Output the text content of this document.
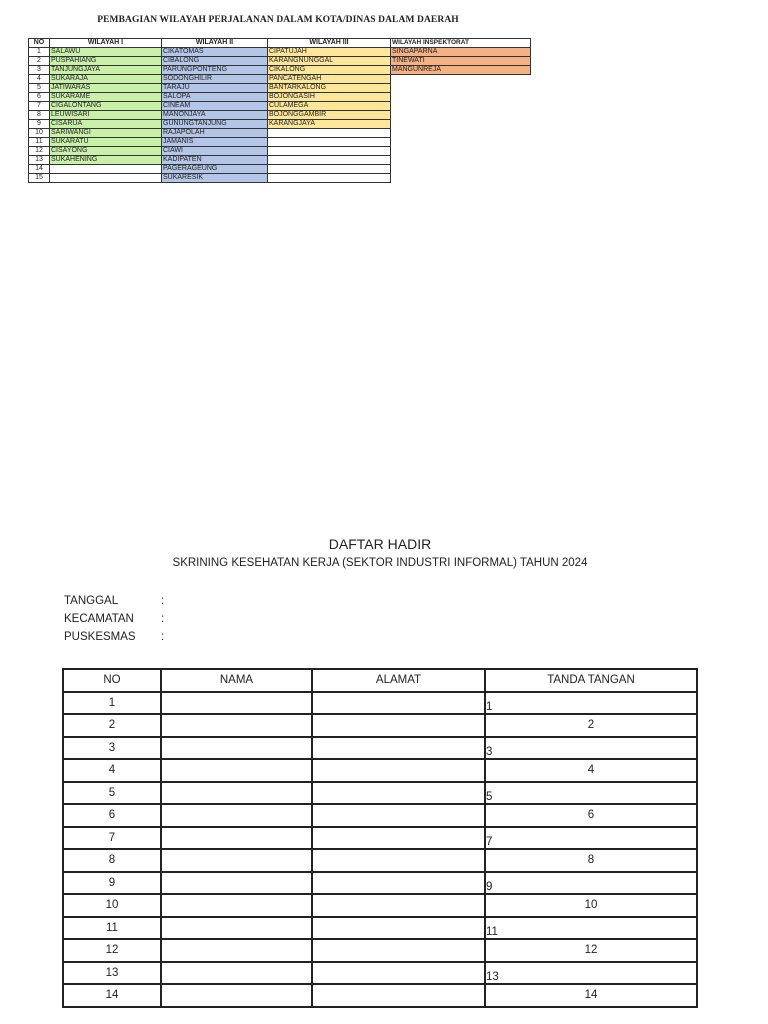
PEMBAGIAN WILAYAH PERJALANAN DALAM KOTA/DINAS DALAM DAERAH
NO	WILAYAH I	WILAYAH II	WILAYAH III	WILAYAH INSPEKTORAT
1	SALAWU	CIKATOMAS	CIPATUJAH	SINGAPARNA
2	PUSPAHIANG	CIBALONG	KARANGNUNGGAL	TINEWATI
3	TANJUNGJAYA	PARUNGPONTENG	CIKALONG	MANGUNREJA
4	SUKARAJA	SODONGHILIR	PANCATENGAH	
5	JATIWARAS	TARAJU	BANTARKALONG	
6	SUKARAME	SALOPA	BOJONGASIH	
7	CIGALONTANG	CINEAM	CULAMEGA	
8	LEUWISARI	MANONJAYA	BOJONGGAMBIR	
9	CISARUA	GUNUNGTANJUNG	KARANGJAYA	
10	SARIWANGI	RAJAPOLAH		
11	SUKARATU	JAMANIS		
12	CISAYONG	CIAWI		
13	SUKAHENING	KADIPATEN		
14		PAGERAGEUNG		
15		SUKARESIK		
DAFTAR HADIR
SKRINING KESEHATAN KERJA (SEKTOR INDUSTRI INFORMAL) TAHUN 2024
TANGGAL	:
KECAMATAN :
PUSKESMAS :
NO	NAMA	ALAMAT	TANDA TANGAN
1			1
2			2
3			3
4			4
5			5
6			6
7			7
8			8
9			9
10			10
11			11
12			12
13			13
14			14
